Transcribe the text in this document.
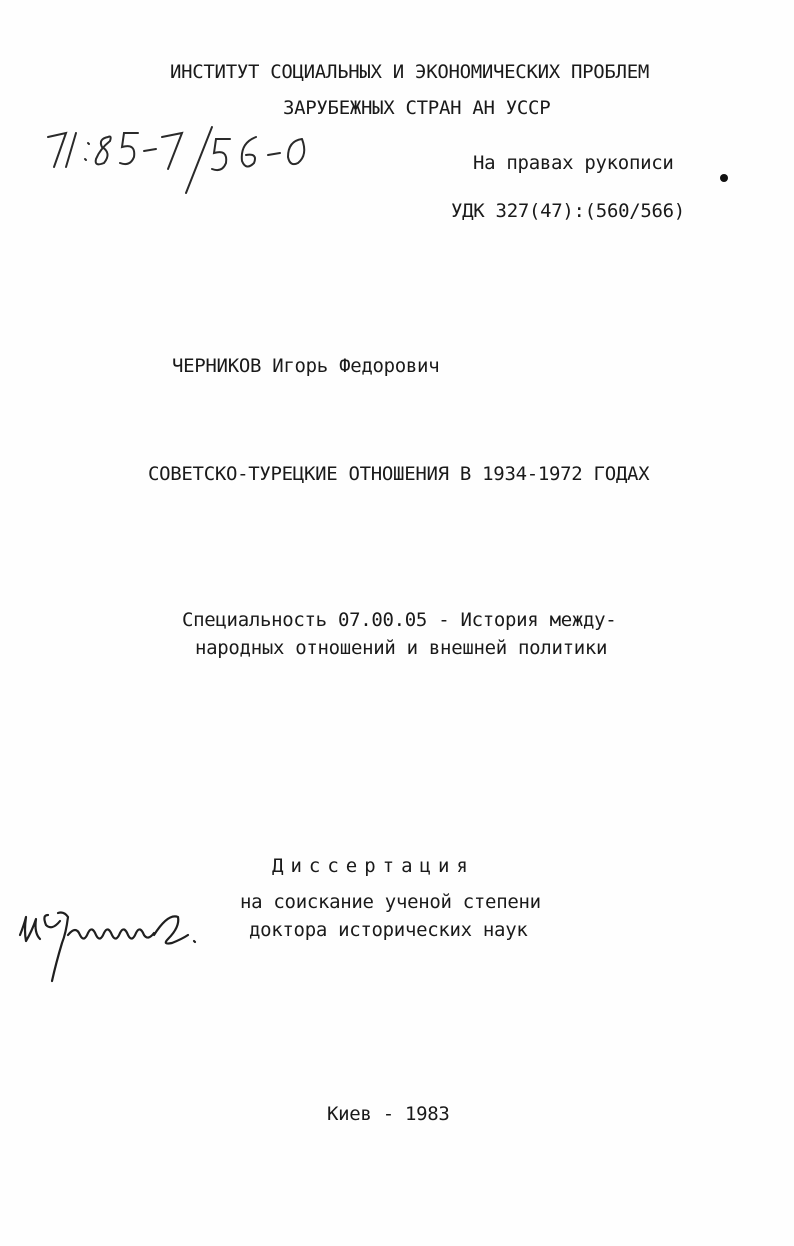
ИНСТИТУТ СОЦИАЛЬНЫХ И ЭКОНОМИЧЕСКИХ ПРОБЛЕМ
ЗАРУБЕЖНЫХ СТРАН АН УССР
71:85-7/56-0
На правах рукописи
УДК 327(47):(560/566)
ЧЕРНИКОВ Игорь Федорович
СОВЕТСКО-ТУРЕЦКИЕ ОТНОШЕНИЯ В 1934-1972 ГОДАХ
Специальность 07.00.05 - История между-
народных отношений и внешней политики
Диссертация
на соискание ученой степени
доктора исторических наук
И. Черников
Киев - 1983
